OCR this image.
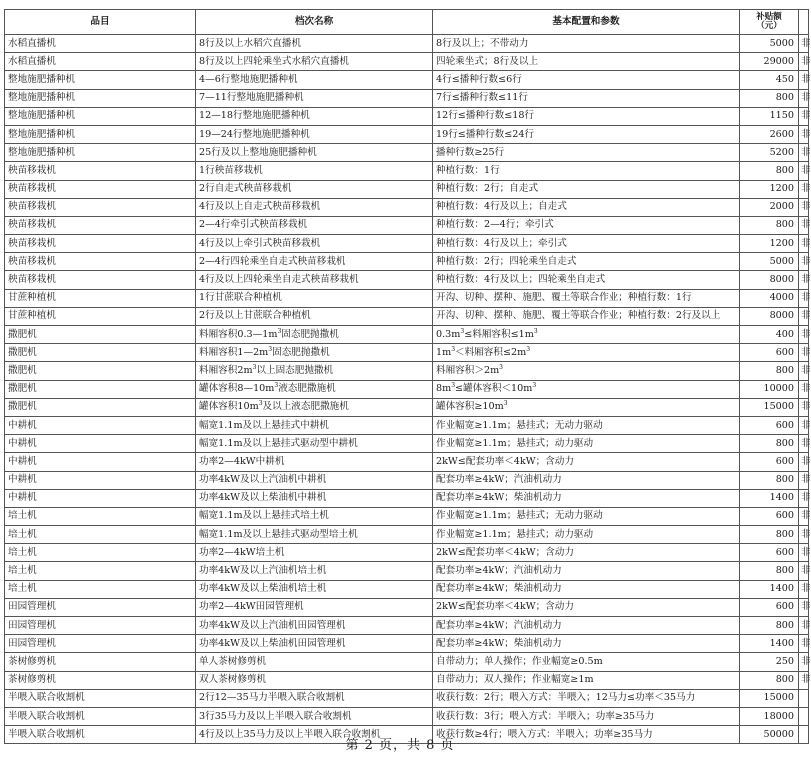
品目	档次名称	基本配置和参数	补贴额
（元）	
水稻直播机	8行及以上水稻穴直播机	8行及以上；不带动力	5000	非
水稻直播机	8行及以上四轮乘坐式水稻穴直播机	四轮乘坐式；8行及以上	29000	非
整地施肥播种机	4—6行整地施肥播种机	4行≤播种行数≤6行	450	非
整地施肥播种机	7—11行整地施肥播种机	7行≤播种行数≤11行	800	非
整地施肥播种机	12—18行整地施肥播种机	12行≤播种行数≤18行	1150	非
整地施肥播种机	19—24行整地施肥播种机	19行≤播种行数≤24行	2600	非
整地施肥播种机	25行及以上整地施肥播种机	播种行数≥25行	5200	非
秧苗移栽机	1行秧苗移栽机	种植行数：1行	800	非
秧苗移栽机	2行自走式秧苗移栽机	种植行数：2行；自走式	1200	非
秧苗移栽机	4行及以上自走式秧苗移栽机	种植行数：4行及以上；自走式	2000	非
秧苗移栽机	2—4行牵引式秧苗移栽机	种植行数：2—4行；牵引式	800	非
秧苗移栽机	4行及以上牵引式秧苗移栽机	种植行数：4行及以上；牵引式	1200	非
秧苗移栽机	2—4行四轮乘坐自走式秧苗移栽机	种植行数：2行；四轮乘坐自走式	5000	非
秧苗移栽机	4行及以上四轮乘坐自走式秧苗移栽机	种植行数：4行及以上；四轮乘坐自走式	8000	非
甘蔗种植机	1行甘蔗联合种植机	开沟、切种、摆种、施肥、覆土等联合作业；种植行数：1行	4000	非
甘蔗种植机	2行及以上甘蔗联合种植机	开沟、切种、摆种、施肥、覆土等联合作业；种植行数：2行及以上	8000	非
撒肥机	料厢容积$0.3—1m^3$固态肥抛撒机	$0.3m^3\le$料厢容积$\le 1m^3$	400	非
撒肥机	料厢容积$1—2m^3$固态肥抛撒机	$1m^3<$料厢容积$\le 2m^3$	600	非
撒肥机	料厢容积$2m^3$以上固态肥抛撒机	料厢容积$>2m^3$	800	非
撒肥机	罐体容积$8—10m^3$液态肥撒施机	$8m^3\le$罐体容积$<10m^3$	10000	非
撒肥机	罐体容积$10m^3$及以上液态肥撒施机	罐体容积$\ge 10m^3$	15000	非
中耕机	幅宽1.1m及以上悬挂式中耕机	作业幅宽≥1.1m；悬挂式；无动力驱动	600	非
中耕机	幅宽1.1m及以上悬挂式驱动型中耕机	作业幅宽≥1.1m；悬挂式；动力驱动	800	非
中耕机	功率2—4kW中耕机	2kW≤配套功率＜4kW；含动力	600	非
中耕机	功率4kW及以上汽油机中耕机	配套功率≥4kW；汽油机动力	800	非
中耕机	功率4kW及以上柴油机中耕机	配套功率≥4kW；柴油机动力	1400	非
培土机	幅宽1.1m及以上悬挂式培土机	作业幅宽≥1.1m；悬挂式；无动力驱动	600	非
培土机	幅宽1.1m及以上悬挂式驱动型培土机	作业幅宽≥1.1m；悬挂式；动力驱动	800	非
培土机	功率2—4kW培土机	2kW≤配套功率＜4kW；含动力	600	非
培土机	功率4kW及以上汽油机培土机	配套功率≥4kW；汽油机动力	800	非
培土机	功率4kW及以上柴油机培土机	配套功率≥4kW；柴油机动力	1400	非
田园管理机	功率2—4kW田园管理机	2kW≤配套功率＜4kW；含动力	600	非
田园管理机	功率4kW及以上汽油机田园管理机	配套功率≥4kW；汽油机动力	800	非
田园管理机	功率4kW及以上柴油机田园管理机	配套功率≥4kW；柴油机动力	1400	非
茶树修剪机	单人茶树修剪机	自带动力；单人操作；作业幅宽≥0.5m	250	非
茶树修剪机	双人茶树修剪机	自带动力；双人操作；作业幅宽≥1m	800	非
半喂入联合收割机	2行12—35马力半喂入联合收割机	收获行数：2行；喂入方式：半喂入；12马力≤功率＜35马力	15000	
半喂入联合收割机	3行35马力及以上半喂入联合收割机	收获行数：3行；喂入方式：半喂入；功率≥35马力	18000	
半喂入联合收割机	4行及以上35马力及以上半喂入联合收割机	收获行数≥4行；喂入方式：半喂入；功率≥35马力	50000	
第 2 页，共 8 页
